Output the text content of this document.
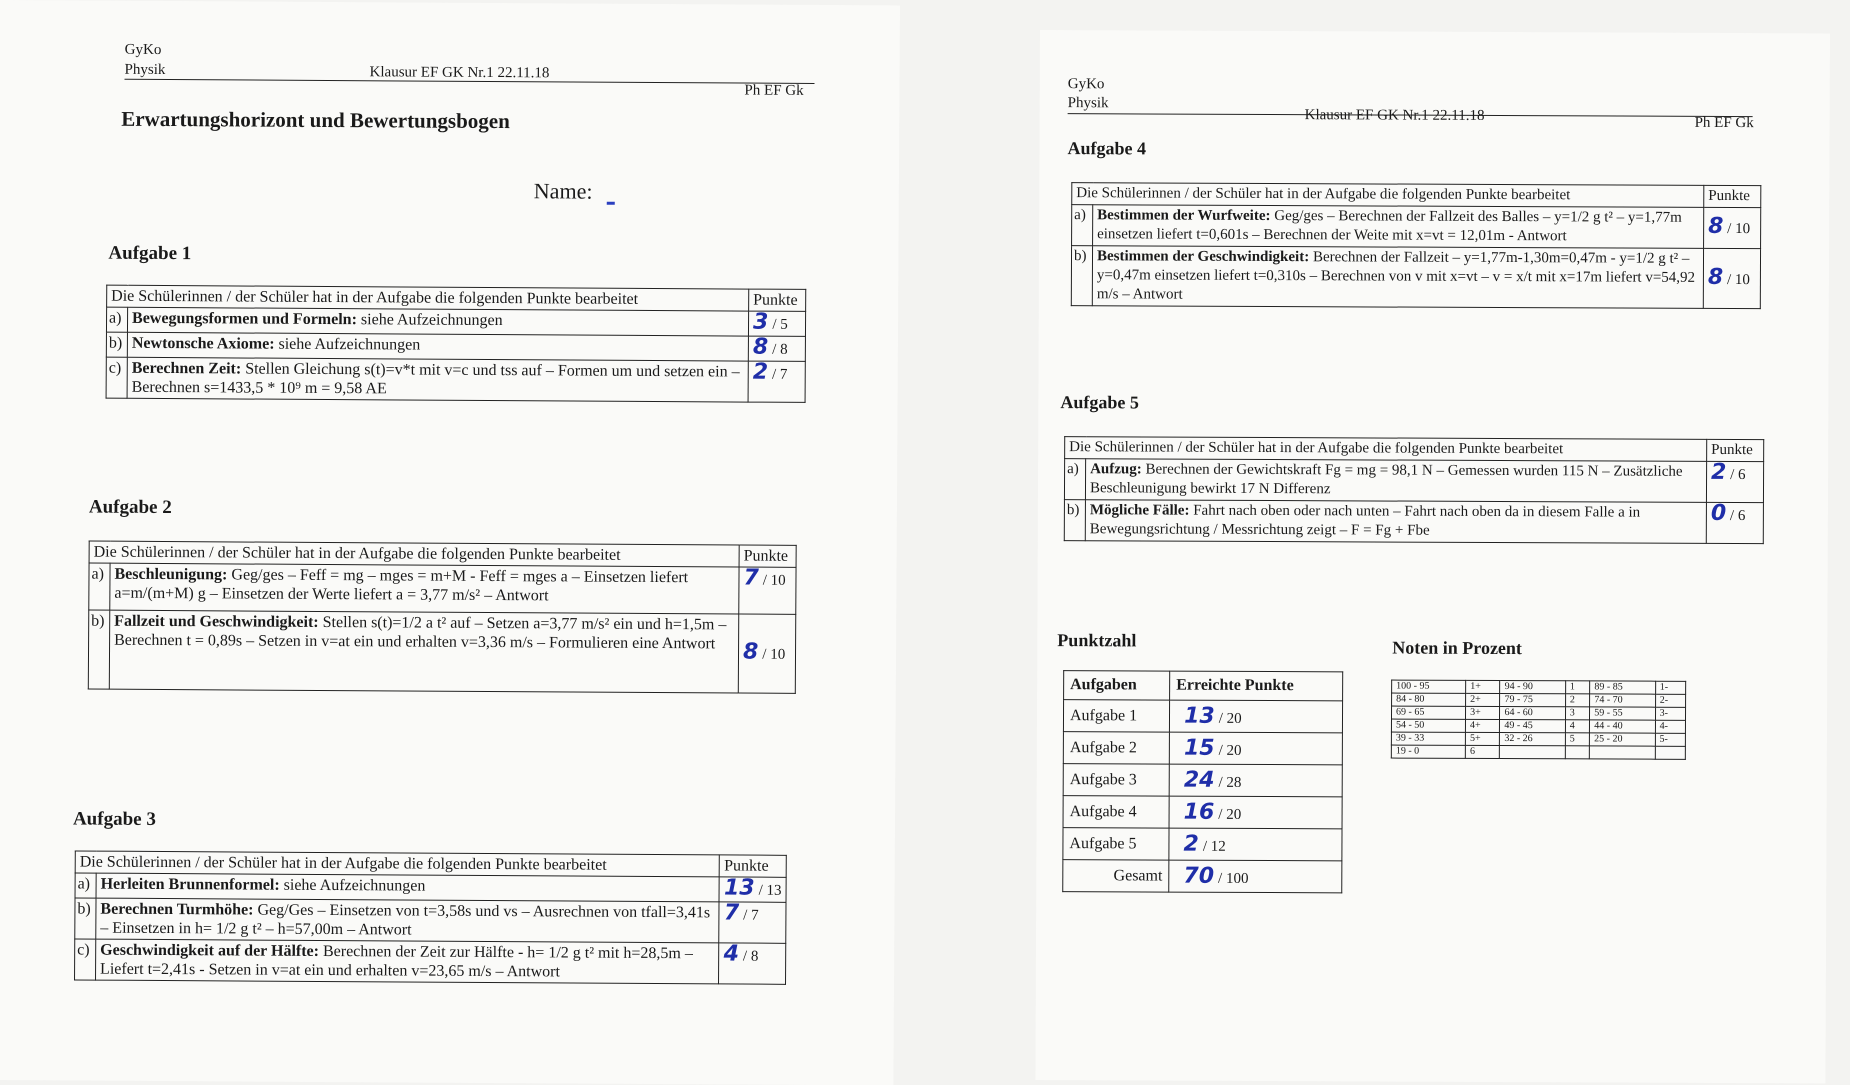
GyKo
Physik	Klausur EF GK Nr.1 22.11.18
Ph EF Gk
Erwartungshorizont und Bewertungsbogen
Name:
Aufgabe 1
Die Schülerinnen / der Schüler hat in der Aufgabe die folgenden Punkte bearbeitet		Punkte
a)	Bewegungsformen und Formeln: siehe Aufzeichnungen	3 / 5
b)	Newtonsche Axiome: siehe Aufzeichnungen	8 / 8
c)	Berechnen Zeit: Stellen Gleichung s(t)=v*t mit v=c und tss auf – Formen um und setzen ein – Berechnen s=1433,5 * 10⁹ m = 9,58 AE	2 / 7
Aufgabe 2
Die Schülerinnen / der Schüler hat in der Aufgabe die folgenden Punkte bearbeitet		Punkte
a)	Beschleunigung: Geg/ges – Feff = mg – mges = m+M - Feff = mges a – Einsetzen liefert a=m/(m+M) g – Einsetzen der Werte liefert a = 3,77 m/s² – Antwort	7 / 10
b)	Fallzeit und Geschwindigkeit: Stellen s(t)=1/2 a t² auf – Setzen a=3,77 m/s² ein und h=1,5m – Berechnen t = 0,89s – Setzen in v=at ein und erhalten v=3,36 m/s – Formulieren eine Antwort	8 / 10
Aufgabe 3
Die Schülerinnen / der Schüler hat in der Aufgabe die folgenden Punkte bearbeitet		Punkte
a)	Herleiten Brunnenformel: siehe Aufzeichnungen	13 / 13
b)	Berechnen Turmhöhe: Geg/Ges – Einsetzen von t=3,58s und vs – Ausrechnen von tfall=3,41s – Einsetzen in h= 1/2 g t² – h=57,00m – Antwort	7 / 7
c)	Geschwindigkeit auf der Hälfte: Berechnen der Zeit zur Hälfte - h= 1/2 g t² mit h=28,5m – Liefert t=2,41s - Setzen in v=at ein und erhalten v=23,65 m/s – Antwort	4 / 8
GyKo
Physik
Klausur EF GK Nr.1 22.11.18	Ph EF Gk
Aufgabe 4
Die Schülerinnen / der Schüler hat in der Aufgabe die folgenden Punkte bearbeitet		Punkte
a)	Bestimmen der Wurfweite: Geg/ges – Berechnen der Fallzeit des Balles – y=1/2 g t² – y=1,77m einsetzen liefert t=0,601s – Berechnen der Weite mit x=vt = 12,01m - Antwort	8 / 10
b)	Bestimmen der Geschwindigkeit: Berechnen der Fallzeit – y=1,77m-1,30m=0,47m - y=1/2 g t² – y=0,47m einsetzen liefert t=0,310s – Berechnen von v mit x=vt – v = x/t mit x=17m liefert v=54,92 m/s – Antwort	8 / 10
Aufgabe 5
Die Schülerinnen / der Schüler hat in der Aufgabe die folgenden Punkte bearbeitet		Punkte
a)	Aufzug: Berechnen der Gewichtskraft Fg = mg = 98,1 N – Gemessen wurden 115 N – Zusätzliche Beschleunigung bewirkt 17 N Differenz	2 / 6
b)	Mögliche Fälle: Fahrt nach oben oder nach unten – Fahrt nach oben da in diesem Falle a in Bewegungsrichtung / Messrichtung zeigt – F = Fg + Fbe	0 / 6
Punktzahl
Aufgaben	Erreichte Punkte
Aufgabe 1	13 / 20
Aufgabe 2	15 / 20
Aufgabe 3	24 / 28
Aufgabe 4	16 / 20
Aufgabe 5	2 / 12
Gesamt	70 / 100
Noten in Prozent
100 - 95	1+	94 - 90	1	89 - 85	1-
84 - 80	2+	79 - 75	2	74 - 70	2-
69 - 65	3+	64 - 60	3	59 - 55	3-
54 - 50	4+	49 - 45	4	44 - 40	4-
39 - 33	5+	32 - 26	5	25 - 20	5-
19 - 0	6				
